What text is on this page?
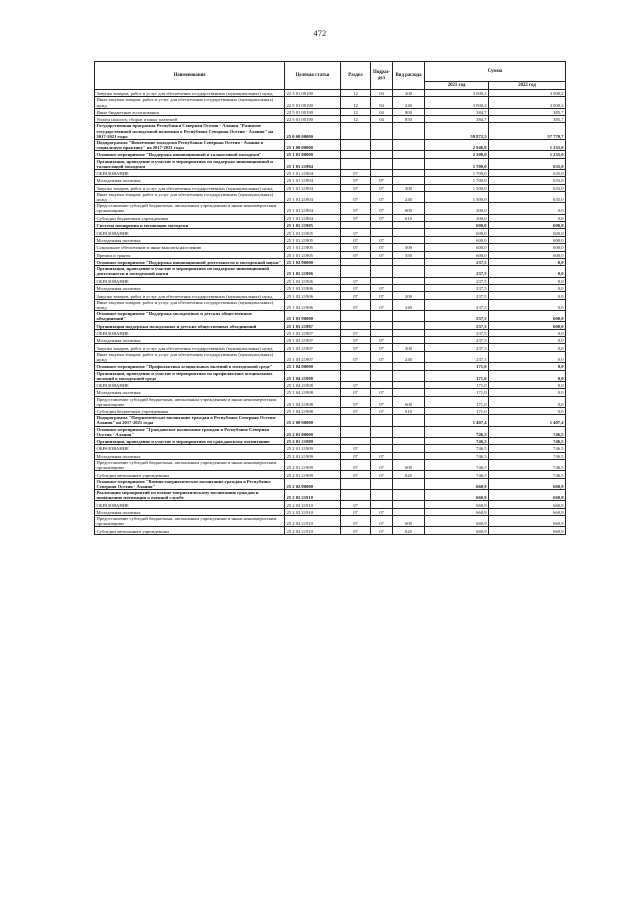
472
Наименование	Целевая статья	Раздел	Подраз-дел	Вид расхода	Сумма	
					2021 год	2022 год
Закупка товаров, работ и услуг для обеспечения государственных (муниципальных) нужд	22 5 01 00190	12	04	200	3 000,2	3 000,2
Иные закупки товаров, работ и услуг для обеспечения государственных (муниципальных) нужд	22 5 01 00190	12	04	240	3 000,2	3 000,2
Иные бюджетные ассигнования	22 5 01 00190	12	04	800	384,7	385,7
Уплата налогов, сборов и иных платежей	22 5 01 00190	12	04	850	384,7	385,7
Государственная программа Республики Северная Осетия - Алания "Развитие государственной молодежной политики в Республике Северная Осетия - Алания" на 2017-2021 годы	25 0 00 00000				59 872,5	57 770,7
Подпрограмма "Вовлечение молодежи Республики Северная Осетия - Алания в социальную практику" на 2017-2021 годы	25 1 00 00000				2 946,0	1 235,0
Основное мероприятие "Поддержка инновационной и талантливой молодежи"	25 1 01 00000				2 300,0	1 235,0
Организация, проведение и участие в мероприятиях по поддержке инновационной и талантливой молодежи	25 1 01 21904				1 700,0	635,0
ОБРАЗОВАНИЕ	25 1 01 21904	07			1 700,0	635,0
Молодежная политика	25 1 01 21904	07	07		1 700,0	635,0
Закупка товаров, работ и услуг для обеспечения государственных (муниципальных) нужд	25 1 01 21904	07	07	200	1 500,0	635,0
Иные закупки товаров, работ и услуг для обеспечения государственных (муниципальных) нужд	25 1 01 21904	07	07	240	1 500,0	635,0
Предоставление субсидий бюджетным, автономным учреждениям и иным некоммерческим организациям	25 1 01 21904	07	07	600	200,0	0,0
Субсидии бюджетным учреждениям	25 1 01 21904	07	07	610	200,0	0,0
Система поощрения и мотивации молодежи	25 1 01 21905				600,0	600,0
ОБРАЗОВАНИЕ	25 1 01 21905	07			600,0	600,0
Молодежная политика	25 1 01 21905	07	07		600,0	600,0
Социальное обеспечение и иные выплаты населению	25 1 01 21905	07	07	300	600,0	600,0
Премии и гранты	25 1 01 21905	07	07	350	600,0	600,0
Основное мероприятие "Поддержка инновационной деятельности и молодежной науки"	25 1 02 00000				237,5	0,0
Организация, проведение и участие в мероприятиях по поддержке инновационной деятельности и молодежной науки	25 1 02 21906				237,5	0,0
ОБРАЗОВАНИЕ	25 1 02 21906	07			237,5	0,0
Молодежная политика	25 1 02 21906	07	07		237,5	0,0
Закупка товаров, работ и услуг для обеспечения государственных (муниципальных) нужд	25 1 02 21906	07	07	200	237,5	0,0
Иные закупки товаров, работ и услуг для обеспечения государственных (муниципальных) нужд	25 1 02 21906	07	07	240	237,5	0,0
Основное мероприятие "Поддержка молодежных и детских общественных объединений"	25 1 03 00000				237,5	600,0
Организация поддержки молодежных и детских общественных объединений	25 1 03 21907				237,5	600,0
ОБРАЗОВАНИЕ	25 1 03 21907	07			237,5	0,0
Молодежная политика	25 1 03 21907	07	07		237,5	0,0
Закупка товаров, работ и услуг для обеспечения государственных (муниципальных) нужд	25 1 03 21907	07	07	200	237,5	0,0
Иные закупки товаров, работ и услуг для обеспечения государственных (муниципальных) нужд	25 1 03 21907	07	07	240	237,5	0,0
Основное мероприятие "Профилактика асоциальных явлений в молодежной среде"	25 1 04 00000				171,0	0,0
Организация, проведение и участие в мероприятиях по профилактике асоциальных явлений в молодежной среде	25 1 04 21908				171,0	0,0
ОБРАЗОВАНИЕ	25 1 04 21908	07			171,0	0,0
Молодежная политика	25 1 04 21908	07	07		171,0	0,0
Предоставление субсидий бюджетным, автономным учреждениям и иным некоммерческим организациям	25 1 04 21908	07	07	600	171,0	0,0
Субсидии бюджетным учреждениям	25 1 04 21908	07	07	610	171,0	0,0
Подпрограмма "Патриотическое воспитание граждан в Республике Северная Осетия- Алания" на 2017-2021 годы	25 2 00 00000				1 407,4	1 407,4
Основное мероприятие "Гражданское воспитание граждан в Республике Северная Осетия - Алания"	25 2 01 00000				746,5	746,5
Организация, проведение и участие в мероприятиях по гражданскому воспитанию	25 2 01 21909				746,5	746,5
ОБРАЗОВАНИЕ	25 2 01 21909	07			746,5	746,5
Молодежная политика	25 2 01 21909	07	07		746,5	746,5
Предоставление субсидий бюджетным, автономным учреждениям и иным некоммерческим организациям	25 2 01 21909	07	07	600	746,5	746,5
Субсидии автономным учреждениям	25 2 01 21909	07	07	620	746,5	746,5
Основное мероприятие "Военно-патриотическое воспитание граждан в Республике Северная Осетия - Алания"	25 2 02 00000				660,9	660,9
Реализация мероприятий по военно-патриотическому воспитанию граждан и повышению мотивации к военной службе	25 2 02 21910				660,9	660,9
ОБРАЗОВАНИЕ	25 2 02 21910	07			660,9	660,9
Молодежная политика	25 2 02 21910	07	07		660,9	660,9
Предоставление субсидий бюджетным, автономным учреждениям и иным некоммерческим организациям	25 2 02 21910	07	07	600	660,9	660,9
Субсидии автономным учреждениям	25 2 02 21910	07	07	620	660,9	660,9
